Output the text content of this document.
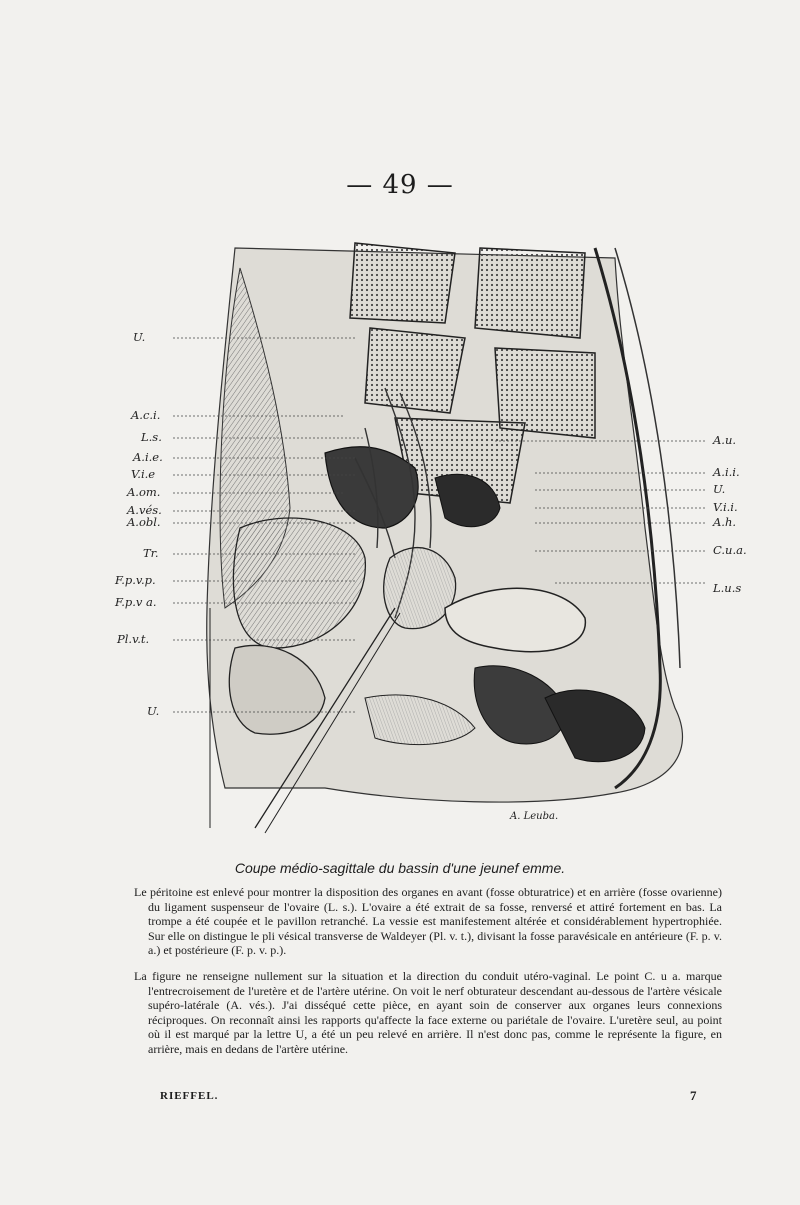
— 49 —
U.
A.c.i.
L.s.
A.i.e.
V.i.e
A.om.
A.vés.
A.obl.
Tr.
F.p.v.p.
F.p.v a.
Pl.v.t.
U.
A.u.
A.i.i.
U.
V.i.i.
A.h.
C.u.a.
L.u.s
A. Leuba.
Coupe médio-sagittale du bassin d'une jeunef emme.
Le péritoine est enlevé pour montrer la disposition des organes en avant (fosse obturatrice) et en arrière (fosse ovarienne) du ligament suspenseur de l'ovaire (L. s.). L'ovaire a été extrait de sa fosse, renversé et attiré fortement en bas. La trompe a été coupée et le pavillon retranché. La vessie est manifestement altérée et considérablement hypertrophiée. Sur elle on distingue le pli vésical transverse de Waldeyer (Pl. v. t.), divisant la fosse paravésicale en antérieure (F. p. v. a.) et postérieure (F. p. v. p.).
La figure ne renseigne nullement sur la situation et la direction du conduit utéro-vaginal. Le point C. u a. marque l'entrecroisement de l'uretère et de l'artère utérine. On voit le nerf obturateur descendant au-dessous de l'artère vésicale supéro-latérale (A. vés.). J'ai disséqué cette pièce, en ayant soin de conserver aux organes leurs connexions réciproques. On reconnaît ainsi les rapports qu'affecte la face externe ou pariétale de l'ovaire. L'uretère seul, au point où il est marqué par la lettre U, a été un peu relevé en arrière. Il n'est donc pas, comme le représente la figure, en arrière, mais en dedans de l'artère utérine.
RIEFFEL.	7
